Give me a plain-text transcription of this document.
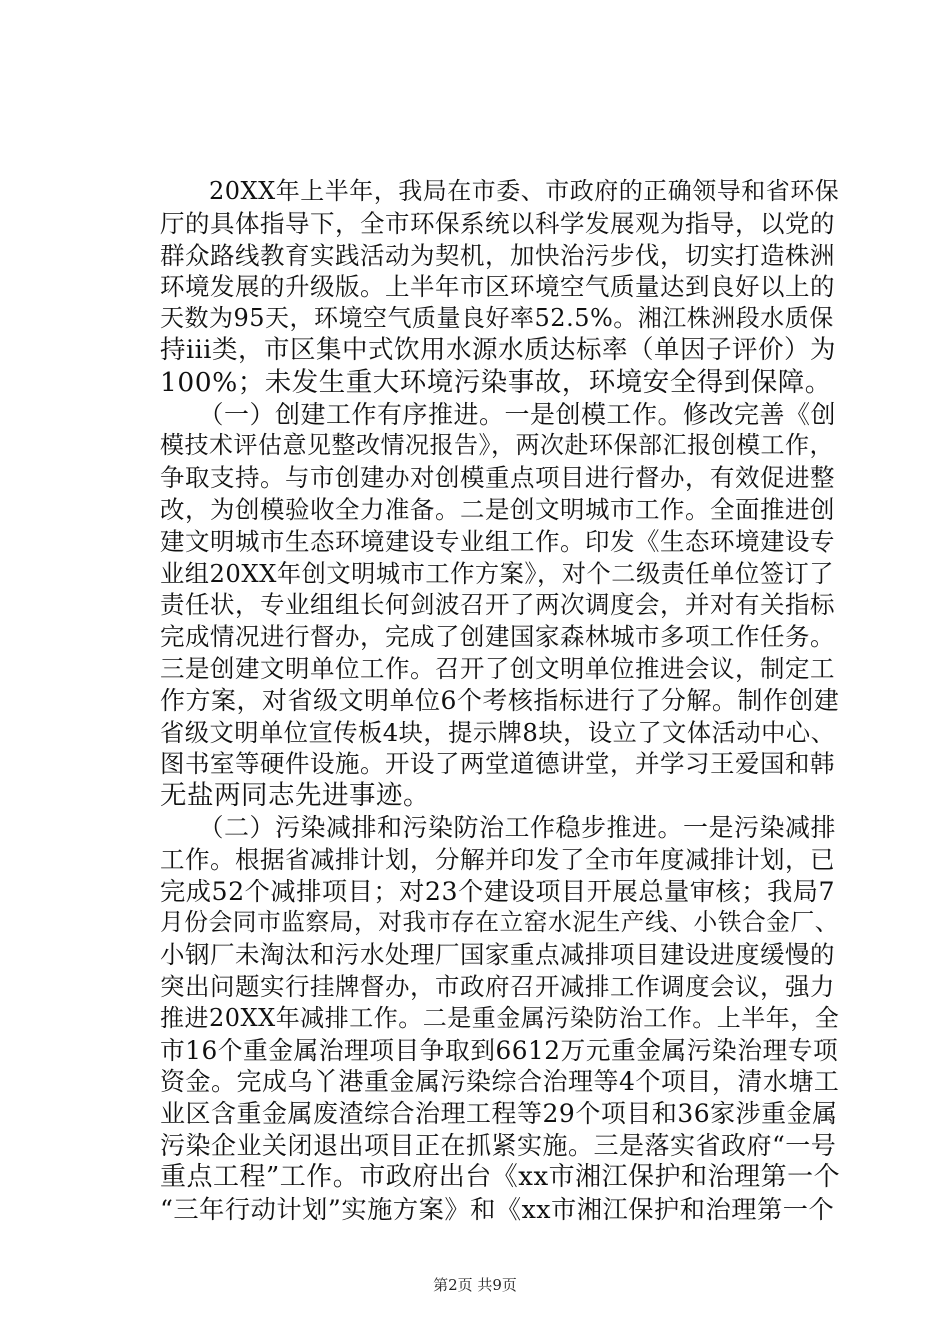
　　20XX年上半年，我局在市委、市政府的正确领导和省环保
厅的具体指导下，全市环保系统以科学发展观为指导，以党的
群众路线教育实践活动为契机，加快治污步伐，切实打造株洲
环境发展的升级版。上半年市区环境空气质量达到良好以上的
天数为95天，环境空气质量良好率52.5%。湘江株洲段水质保
持iii类，市区集中式饮用水源水质达标率（单因子评价）为
100%；未发生重大环境污染事故，环境安全得到保障。
　　（一）创建工作有序推进。一是创模工作。修改完善《创
模技术评估意见整改情况报告》，两次赴环保部汇报创模工作，
争取支持。与市创建办对创模重点项目进行督办，有效促进整
改，为创模验收全力准备。二是创文明城市工作。全面推进创
建文明城市生态环境建设专业组工作。印发《生态环境建设专
业组20XX年创文明城市工作方案》，对个二级责任单位签订了
责任状，专业组组长何剑波召开了两次调度会，并对有关指标
完成情况进行督办，完成了创建国家森林城市多项工作任务。
三是创建文明单位工作。召开了创文明单位推进会议，制定工
作方案，对省级文明单位6个考核指标进行了分解。制作创建
省级文明单位宣传板4块，提示牌8块，设立了文体活动中心、
图书室等硬件设施。开设了两堂道德讲堂，并学习王爱国和韩
无盐两同志先进事迹。
　　（二）污染减排和污染防治工作稳步推进。一是污染减排
工作。根据省减排计划，分解并印发了全市年度减排计划，已
完成52个减排项目；对23个建设项目开展总量审核；我局7
月份会同市监察局，对我市存在立窑水泥生产线、小铁合金厂、
小钢厂未淘汰和污水处理厂国家重点减排项目建设进度缓慢的
突出问题实行挂牌督办，市政府召开减排工作调度会议，强力
推进20XX年减排工作。二是重金属污染防治工作。上半年，全
市16个重金属治理项目争取到6612万元重金属污染治理专项
资金。完成乌丫港重金属污染综合治理等4个项目，清水塘工
业区含重金属废渣综合治理工程等29个项目和36家涉重金属
污染企业关闭退出项目正在抓紧实施。三是落实省政府“一号
重点工程”工作。市政府出台《xx市湘江保护和治理第一个
“三年行动计划”实施方案》和《xx市湘江保护和治理第一个
第2页 共9页
